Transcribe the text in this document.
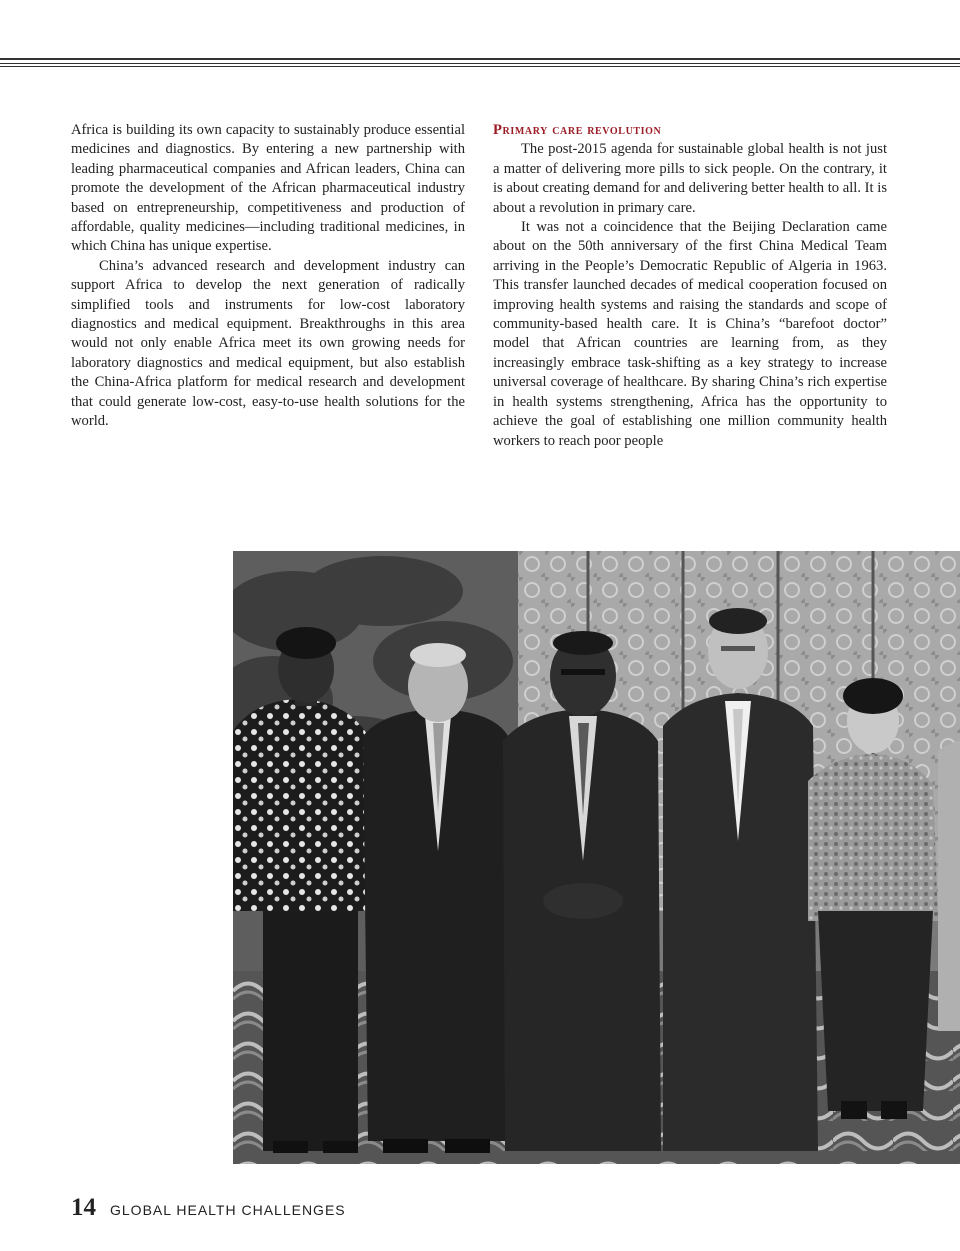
Africa is building its own capacity to sustainably produce essential medicines and diagnostics. By entering a new partnership with leading pharmaceutical companies and African leaders, China can promote the development of the African pharmaceutical industry based on entrepreneurship, competitiveness and production of affordable, quality medicines—including traditional medicines, in which China has unique expertise.

China’s advanced research and development industry can support Africa to develop the next generation of radically simplified tools and instruments for low-cost laboratory diagnostics and medical equipment. Breakthroughs in this area would not only enable Africa meet its own growing needs for laboratory diagnostics and medical equipment, but also establish the China-Africa platform for medical research and development that could generate low-cost, easy-to-use health solutions for the world.

Primary care revolution

The post-2015 agenda for sustainable global health is not just a matter of delivering more pills to sick people. On the contrary, it is about creating demand for and delivering better health to all. It is about a revolution in primary care.

It was not a coincidence that the Beijing Declaration came about on the 50th anniversary of the first China Medical Team arriving in the People’s Democratic Republic of Algeria in 1963. This transfer launched decades of medical cooperation focused on improving health systems and raising the standards and scope of community-based health care. It is China’s “barefoot doctor” model that African countries are learning from, as they increasingly embrace task-shifting as a key strategy to increase universal coverage of healthcare. By sharing China’s rich expertise in health systems strengthening, Africa has the opportunity to achieve the goal of establishing one million community health workers to reach poor people

14 GLOBAL HEALTH CHALLENGES
